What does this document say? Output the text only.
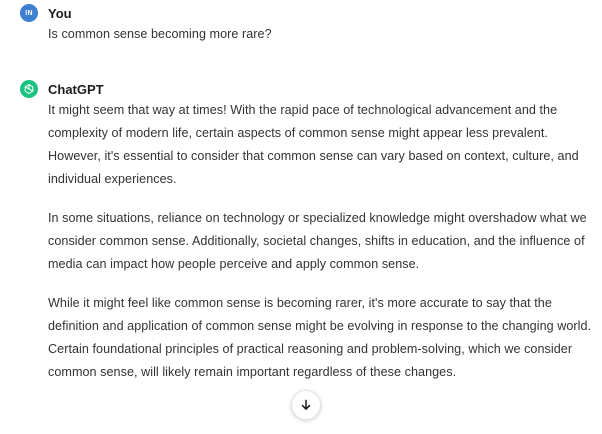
IN You

Is common sense becoming more rare?

ChatGPT

It might seem that way at times! With the rapid pace of technological advancement and the complexity of modern life, certain aspects of common sense might appear less prevalent. However, it's essential to consider that common sense can vary based on context, culture, and individual experiences.

In some situations, reliance on technology or specialized knowledge might overshadow what we consider common sense. Additionally, societal changes, shifts in education, and the influence of media can impact how people perceive and apply common sense.

While it might feel like common sense is becoming rarer, it's more accurate to say that the definition and application of common sense might be evolving in response to the changing world. Certain foundational principles of practical reasoning and problem-solving, which we consider common sense, will likely remain important regardless of these changes.
